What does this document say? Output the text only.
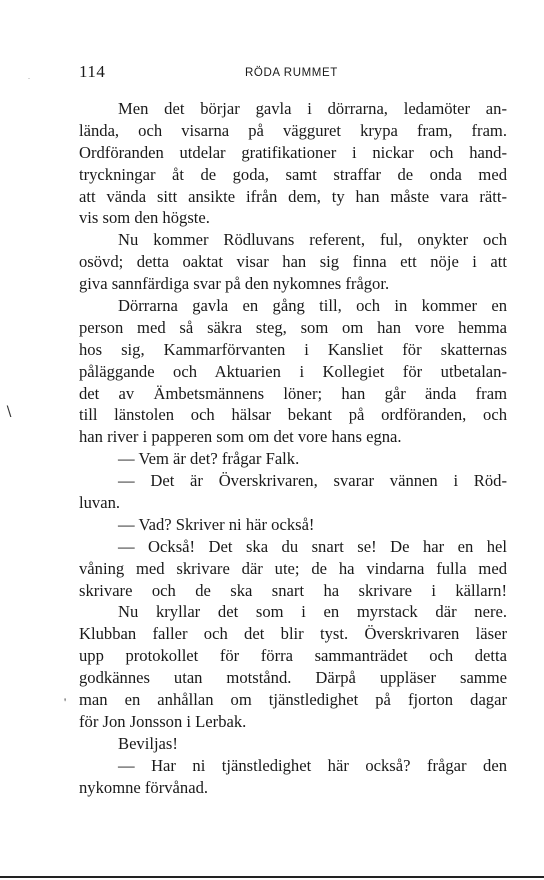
.	114	RÖDA RUMMET
Men det börjar gavla i dörrarna, ledamöter an-
lända, och visarna på vägguret krypa fram, fram.
Ordföranden utdelar gratifikationer i nickar och hand-
tryckningar åt de goda, samt straffar de onda med
att vända sitt ansikte ifrån dem, ty han måste vara rätt-
vis som den högste.
Nu kommer Rödluvans referent, ful, onykter och
osövd; detta oaktat visar han sig finna ett nöje i att
giva sannfärdiga svar på den nykomnes frågor.
Dörrarna gavla en gång till, och in kommer en
person med så säkra steg, som om han vore hemma
hos sig, Kammarförvanten i Kansliet för skatternas
påläggande och Aktuarien i Kollegiet för utbetalan-
det av Ämbetsmännens löner; han går ända fram
till länstolen och hälsar bekant på ordföranden, och
han river i papperen som om det vore hans egna.
— Vem är det? frågar Falk.
— Det är Överskrivaren, svarar vännen i Röd-
luvan.
— Vad? Skriver ni här också!
— Också! Det ska du snart se! De har en hel
våning med skrivare där ute; de ha vindarna fulla med
skrivare och de ska snart ha skrivare i källarn!
Nu kryllar det som i en myrstack där nere.
Klubban faller och det blir tyst. Överskrivaren läser
upp protokollet för förra sammanträdet och detta
godkännes utan motstånd. Därpå uppläser samme
man en anhållan om tjänstledighet på fjorton dagar
för Jon Jonsson i Lerbak.
Beviljas!
— Har ni tjänstledighet här också? frågar den
nykomne förvånad.
∖
'
